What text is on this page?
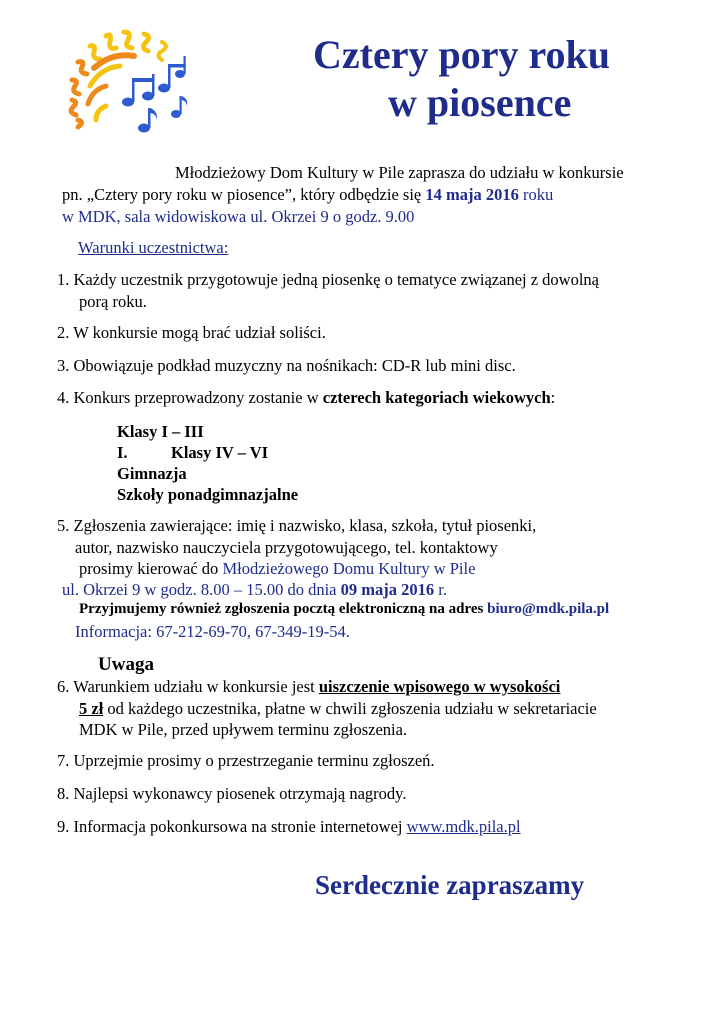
Cztery pory roku
w piosence
Młodzieżowy Dom Kultury w Pile zaprasza do udziału w konkursie
pn. „Cztery pory roku w piosence”, który odbędzie się 14 maja 2016 roku
w MDK, sala widowiskowa ul. Okrzei 9 o godz. 9.00
Warunki uczestnictwa:
1. Każdy uczestnik przygotowuje jedną piosenkę o tematyce związanej z dowolną
porą roku.
2. W konkursie mogą brać udział soliści.
3. Obowiązuje podkład muzyczny na nośnikach: CD-R lub mini disc.
4. Konkurs przeprowadzony zostanie w czterech kategoriach wiekowych:
Klasy I – III
I.	Klasy IV – VI
Gimnazja
Szkoły ponadgimnazjalne
5. Zgłoszenia zawierające: imię i nazwisko, klasa, szkoła, tytuł piosenki,
autor, nazwisko nauczyciela przygotowującego, tel. kontaktowy
prosimy kierować do Młodzieżowego Domu Kultury w Pile
ul. Okrzei 9 w godz. 8.00 – 15.00 do dnia 09 maja 2016 r.
Przyjmujemy również zgłoszenia pocztą elektroniczną na adres biuro@mdk.pila.pl
Informacja: 67-212-69-70, 67-349-19-54.
Uwaga
6. Warunkiem udziału w konkursie jest uiszczenie wpisowego w wysokości
5 zł od każdego uczestnika, płatne w chwili zgłoszenia udziału w sekretariacie
MDK w Pile, przed upływem terminu zgłoszenia.
7. Uprzejmie prosimy o przestrzeganie terminu zgłoszeń.
8. Najlepsi wykonawcy piosenek otrzymają nagrody.
9. Informacja pokonkursowa na stronie internetowej www.mdk.pila.pl
Serdecznie zapraszamy
